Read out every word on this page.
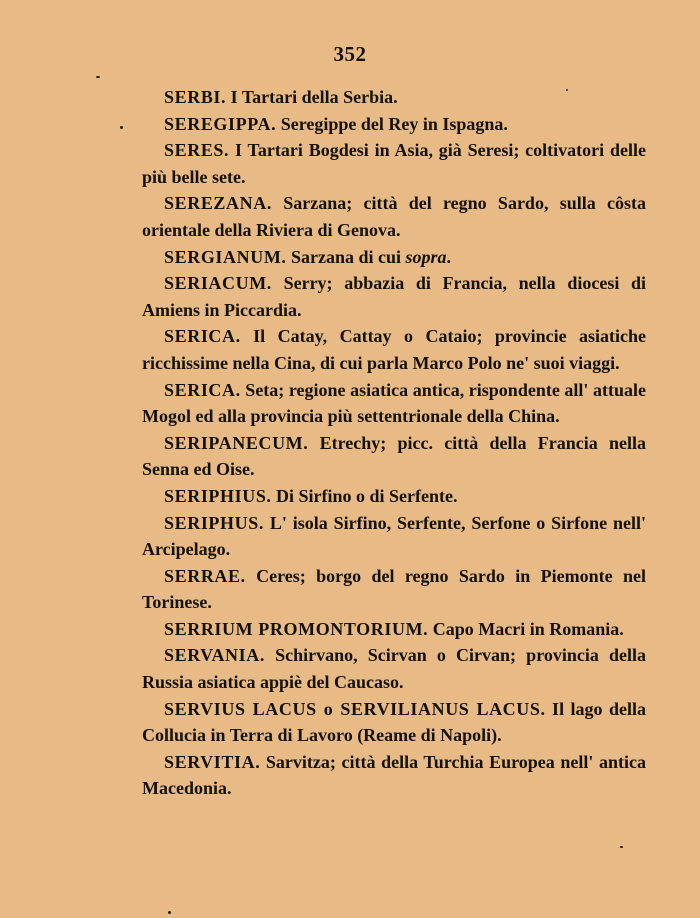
352

SERBI. I Tartari della Serbia.

SEREGIPPA. Seregippe del Rey in Ispagna.

SERES. I Tartari Bogdesi in Asia, già Seresi; coltivatori delle più belle sete.

SEREZANA. Sarzana; città del regno Sardo, sulla côsta orientale della Riviera di Genova.

SERGIANUM. Sarzana di cui sopra.

SERIACUM. Serry; abbazia di Francia, nella diocesi di Amiens in Piccardia.

SERICA. Il Catay, Cattay o Cataio; provincie asiatiche ricchissime nella Cina, di cui parla Marco Polo ne' suoi viaggi.

SERICA. Seta; regione asiatica antica, rispondente all' attuale Mogol ed alla provincia più settentrionale della China.

SERIPANECUM. Etrechy; picc. città della Francia nella Senna ed Oise.

SERIPHIUS. Di Sirfino o di Serfente.

SERIPHUS. L' isola Sirfino, Serfente, Serfone o Sirfone nell' Arcipelago.

SERRAE. Ceres; borgo del regno Sardo in Piemonte nel Torinese.

SERRIUM PROMONTORIUM. Capo Macri in Romania.

SERVANIA. Schirvano, Scirvan o Cirvan; provincia della Russia asiatica appiè del Caucaso.

SERVIUS LACUS o SERVILIANUS LACUS. Il lago della Collucia in Terra di Lavoro (Reame di Napoli).

SERVITIA. Sarvitza; città della Turchia Europea nell' antica Macedonia.
